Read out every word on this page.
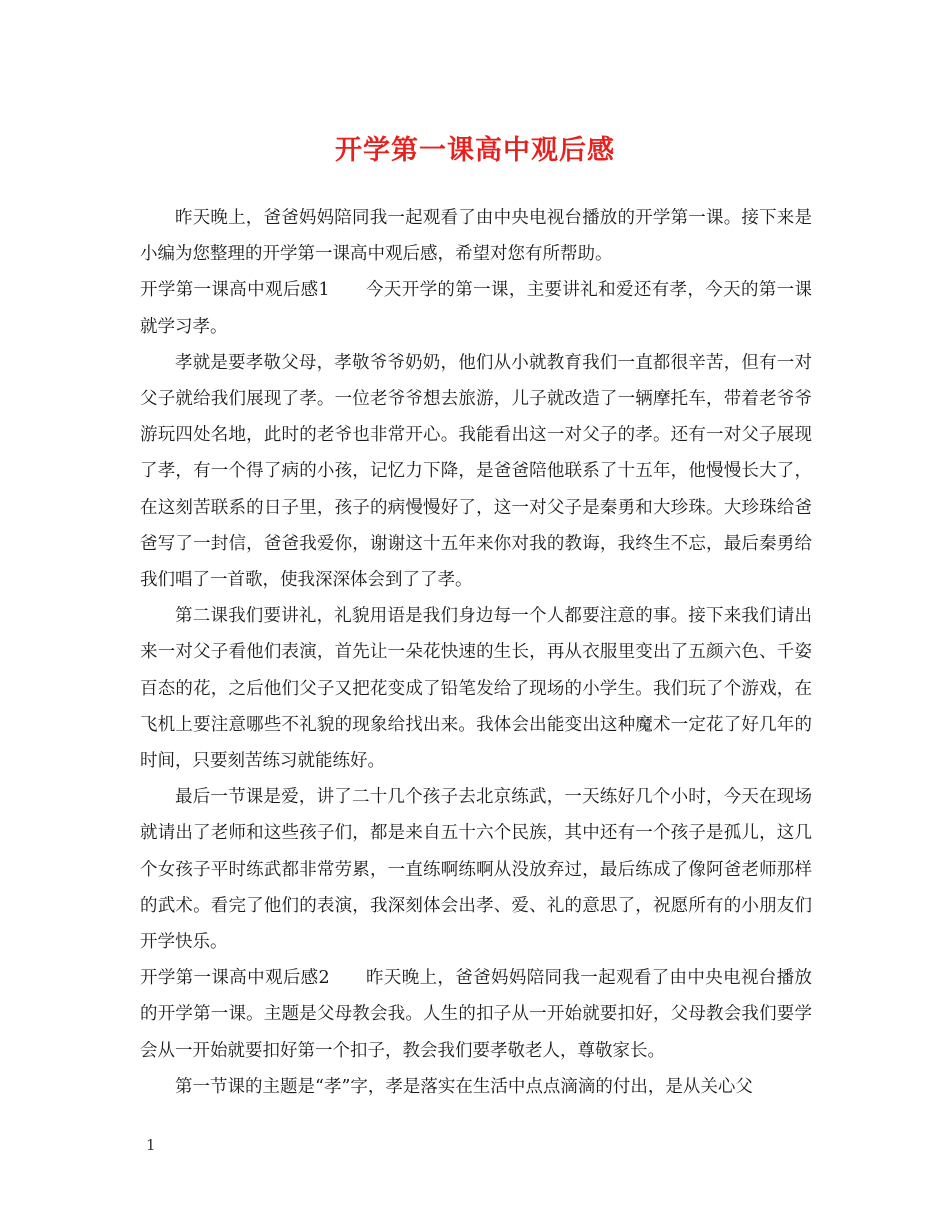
开学第一课高中观后感

昨天晚上，爸爸妈妈陪同我一起观看了由中央电视台播放的开学第一课。接下来是小编为您整理的开学第一课高中观后感，希望对您有所帮助。

开学第一课高中观后感1 今天开学的第一课，主要讲礼和爱还有孝，今天的第一课就学习孝。

孝就是要孝敬父母，孝敬爷爷奶奶，他们从小就教育我们一直都很辛苦，但有一对父子就给我们展现了孝。一位老爷爷想去旅游，儿子就改造了一辆摩托车，带着老爷爷游玩四处名地，此时的老爷也非常开心。我能看出这一对父子的孝。还有一对父子展现了孝，有一个得了病的小孩，记忆力下降，是爸爸陪他联系了十五年，他慢慢长大了，在这刻苦联系的日子里，孩子的病慢慢好了，这一对父子是秦勇和大珍珠。大珍珠给爸爸写了一封信，爸爸我爱你，谢谢这十五年来你对我的教诲，我终生不忘，最后秦勇给我们唱了一首歌，使我深深体会到了了孝。

第二课我们要讲礼，礼貌用语是我们身边每一个人都要注意的事。接下来我们请出来一对父子看他们表演，首先让一朵花快速的生长，再从衣服里变出了五颜六色、千姿百态的花，之后他们父子又把花变成了铅笔发给了现场的小学生。我们玩了个游戏，在飞机上要注意哪些不礼貌的现象给找出来。我体会出能变出这种魔术一定花了好几年的时间，只要刻苦练习就能练好。

最后一节课是爱，讲了二十几个孩子去北京练武，一天练好几个小时，今天在现场就请出了老师和这些孩子们，都是来自五十六个民族，其中还有一个孩子是孤儿，这几个女孩子平时练武都非常劳累，一直练啊练啊从没放弃过，最后练成了像阿爸老师那样的武术。看完了他们的表演，我深刻体会出孝、爱、礼的意思了，祝愿所有的小朋友们开学快乐。

开学第一课高中观后感2 昨天晚上，爸爸妈妈陪同我一起观看了由中央电视台播放的开学第一课。主题是父母教会我。人生的扣子从一开始就要扣好，父母教会我们要学会从一开始就要扣好第一个扣子，教会我们要孝敬老人，尊敬家长。

第一节课的主题是“孝”字，孝是落实在生活中点点滴滴的付出，是从关心父

1
